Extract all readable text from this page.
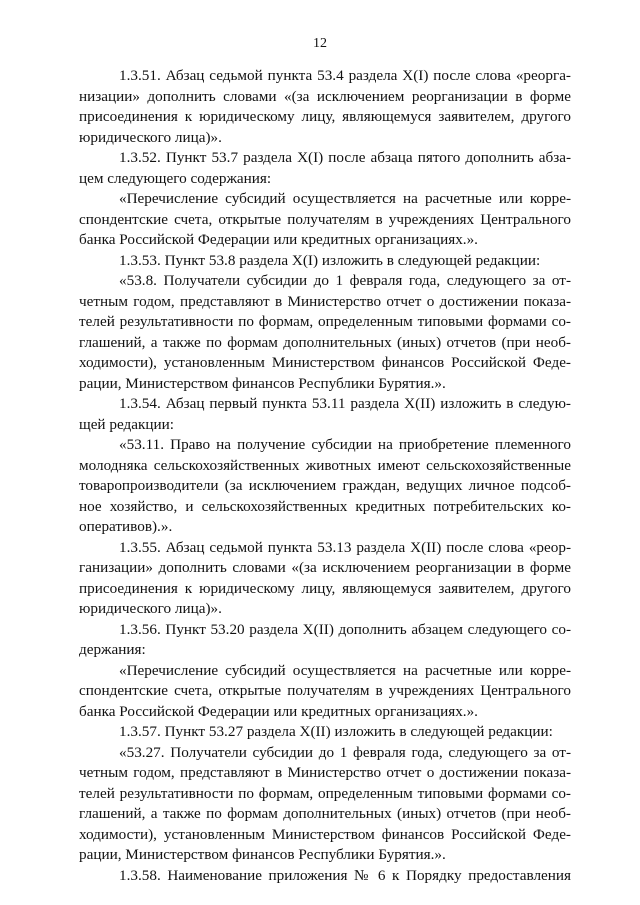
12
1.3.51. Абзац седьмой пункта 53.4 раздела X(I) после слова «реорга-
низации» дополнить словами «(за исключением реорганизации в форме
присоединения к юридическому лицу, являющемуся заявителем, другого
юридического лица)».
1.3.52. Пункт 53.7 раздела X(I) после абзаца пятого дополнить абза-
цем следующего содержания:
«Перечисление субсидий осуществляется на расчетные или корре-
спондентские счета, открытые получателям в учреждениях Центрального
банка Российской Федерации или кредитных организациях.».
1.3.53. Пункт 53.8 раздела X(I) изложить в следующей редакции:
«53.8. Получатели субсидии до 1 февраля года, следующего за от-
четным годом, представляют в Министерство отчет о достижении показа-
телей результативности по формам, определенным типовыми формами со-
глашений, а также по формам дополнительных (иных) отчетов (при необ-
ходимости), установленным Министерством финансов Российской Феде-
рации, Министерством финансов Республики Бурятия.».
1.3.54. Абзац первый пункта 53.11 раздела X(II) изложить в следую-
щей редакции:
«53.11. Право на получение субсидии на приобретение племенного
молодняка сельскохозяйственных животных имеют сельскохозяйственные
товаропроизводители (за исключением граждан, ведущих личное подсоб-
ное хозяйство, и сельскохозяйственных кредитных потребительских ко-
оперативов).».
1.3.55. Абзац седьмой пункта 53.13 раздела X(II) после слова «реор-
ганизации» дополнить словами «(за исключением реорганизации в форме
присоединения к юридическому лицу, являющемуся заявителем, другого
юридического лица)».
1.3.56. Пункт 53.20 раздела X(II) дополнить абзацем следующего со-
держания:
«Перечисление субсидий осуществляется на расчетные или корре-
спондентские счета, открытые получателям в учреждениях Центрального
банка Российской Федерации или кредитных организациях.».
1.3.57. Пункт 53.27 раздела X(II) изложить в следующей редакции:
«53.27. Получатели субсидии до 1 февраля года, следующего за от-
четным годом, представляют в Министерство отчет о достижении показа-
телей результативности по формам, определенным типовыми формами со-
глашений, а также по формам дополнительных (иных) отчетов (при необ-
ходимости), установленным Министерством финансов Российской Феде-
рации, Министерством финансов Республики Бурятия.».
1.3.58. Наименование приложения № 6 к Порядку предоставления
